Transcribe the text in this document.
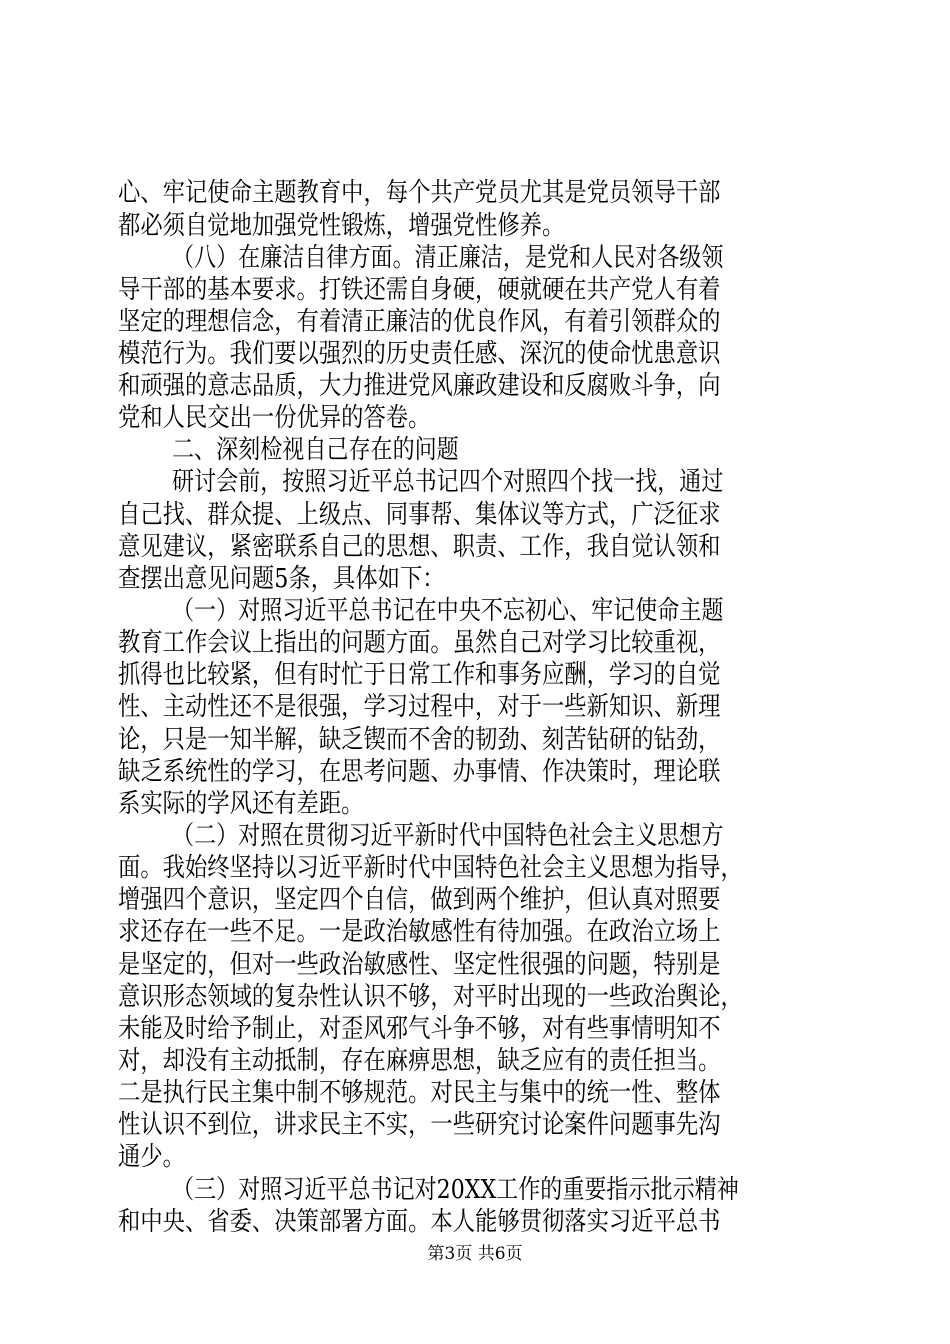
心、牢记使命主题教育中，每个共产党员尤其是党员领导干部
都必须自觉地加强党性锻炼，增强党性修养。
（八）在廉洁自律方面。清正廉洁，是党和人民对各级领
导干部的基本要求。打铁还需自身硬，硬就硬在共产党人有着
坚定的理想信念，有着清正廉洁的优良作风，有着引领群众的
模范行为。我们要以强烈的历史责任感、深沉的使命忧患意识
和顽强的意志品质，大力推进党风廉政建设和反腐败斗争，向
党和人民交出一份优异的答卷。
二、深刻检视自己存在的问题
研讨会前，按照习近平总书记四个对照四个找一找，通过
自己找、群众提、上级点、同事帮、集体议等方式，广泛征求
意见建议，紧密联系自己的思想、职责、工作，我自觉认领和
查摆出意见问题5条，具体如下：
（一）对照习近平总书记在中央不忘初心、牢记使命主题
教育工作会议上指出的问题方面。虽然自己对学习比较重视，
抓得也比较紧，但有时忙于日常工作和事务应酬，学习的自觉
性、主动性还不是很强，学习过程中，对于一些新知识、新理
论，只是一知半解，缺乏锲而不舍的韧劲、刻苦钻研的钻劲，
缺乏系统性的学习，在思考问题、办事情、作决策时，理论联
系实际的学风还有差距。
（二）对照在贯彻习近平新时代中国特色社会主义思想方
面。我始终坚持以习近平新时代中国特色社会主义思想为指导，
增强四个意识，坚定四个自信，做到两个维护，但认真对照要
求还存在一些不足。一是政治敏感性有待加强。在政治立场上
是坚定的，但对一些政治敏感性、坚定性很强的问题，特别是
意识形态领域的复杂性认识不够，对平时出现的一些政治舆论，
未能及时给予制止，对歪风邪气斗争不够，对有些事情明知不
对，却没有主动抵制，存在麻痹思想，缺乏应有的责任担当。
二是执行民主集中制不够规范。对民主与集中的统一性、整体
性认识不到位，讲求民主不实，一些研究讨论案件问题事先沟
通少。
（三）对照习近平总书记对20XX工作的重要指示批示精神
和中央、省委、决策部署方面。本人能够贯彻落实习近平总书
第3页 共6页
